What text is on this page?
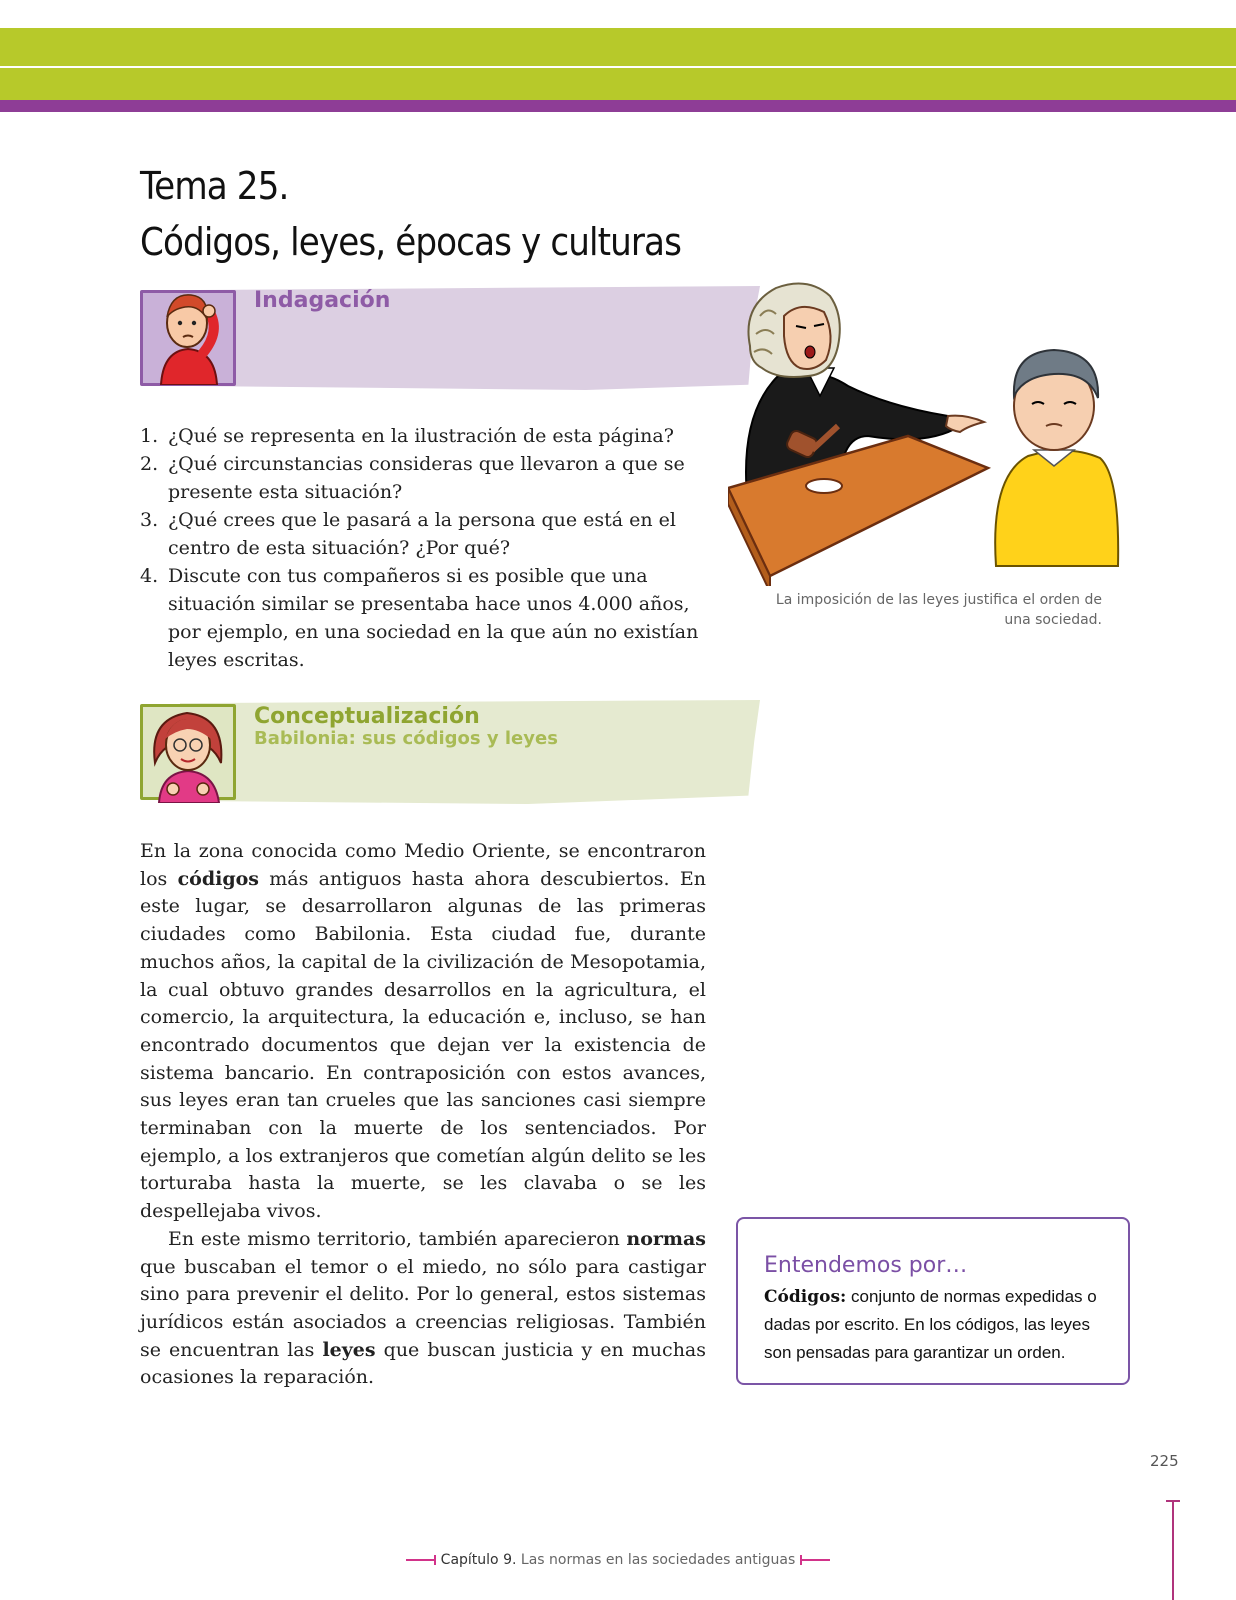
Tema 25.
Códigos, leyes, épocas y culturas
Indagación
1. ¿Qué se representa en la ilustración de esta página?
2. ¿Qué circunstancias consideras que llevaron a que se presente esta situación?
3. ¿Qué crees que le pasará a la persona que está en el centro de esta situación? ¿Por qué?
4. Discute con tus compañeros si es posible que una situación similar se presentaba hace unos 4.000 años, por ejemplo, en una sociedad en la que aún no existían leyes escritas.
La imposición de las leyes justifica el orden de una sociedad.
Conceptualización
Babilonia: sus códigos y leyes

En la zona conocida como Medio Oriente, se encontraron los códigos más antiguos hasta ahora descubiertos. En este lugar, se desarrollaron algunas de las primeras ciudades como Babilonia. Esta ciudad fue, durante muchos años, la capital de la civilización de Mesopotamia, la cual obtuvo grandes desarrollos en la agricultura, el comercio, la arquitectura, la educación e, incluso, se han encontrado documentos que dejan ver la existencia de sistema bancario. En contraposición con estos avances, sus leyes eran tan crueles que las sanciones casi siempre terminaban con la muerte de los sentenciados. Por ejemplo, a los extranjeros que cometían algún delito se les torturaba hasta la muerte, se les clavaba o se les despellejaba vivos.

En este mismo territorio, también aparecieron normas que buscaban el temor o el miedo, no sólo para castigar sino para prevenir el delito. Por lo general, estos sistemas jurídicos están asociados a creencias religiosas. También se encuentran las leyes que buscan justicia y en muchas ocasiones la reparación.

Entendemos por…
Códigos: conjunto de normas expedidas o dadas por escrito. En los códigos, las leyes son pensadas para garantizar un orden.
225
Capítulo 9. Las normas en las sociedades antiguas
